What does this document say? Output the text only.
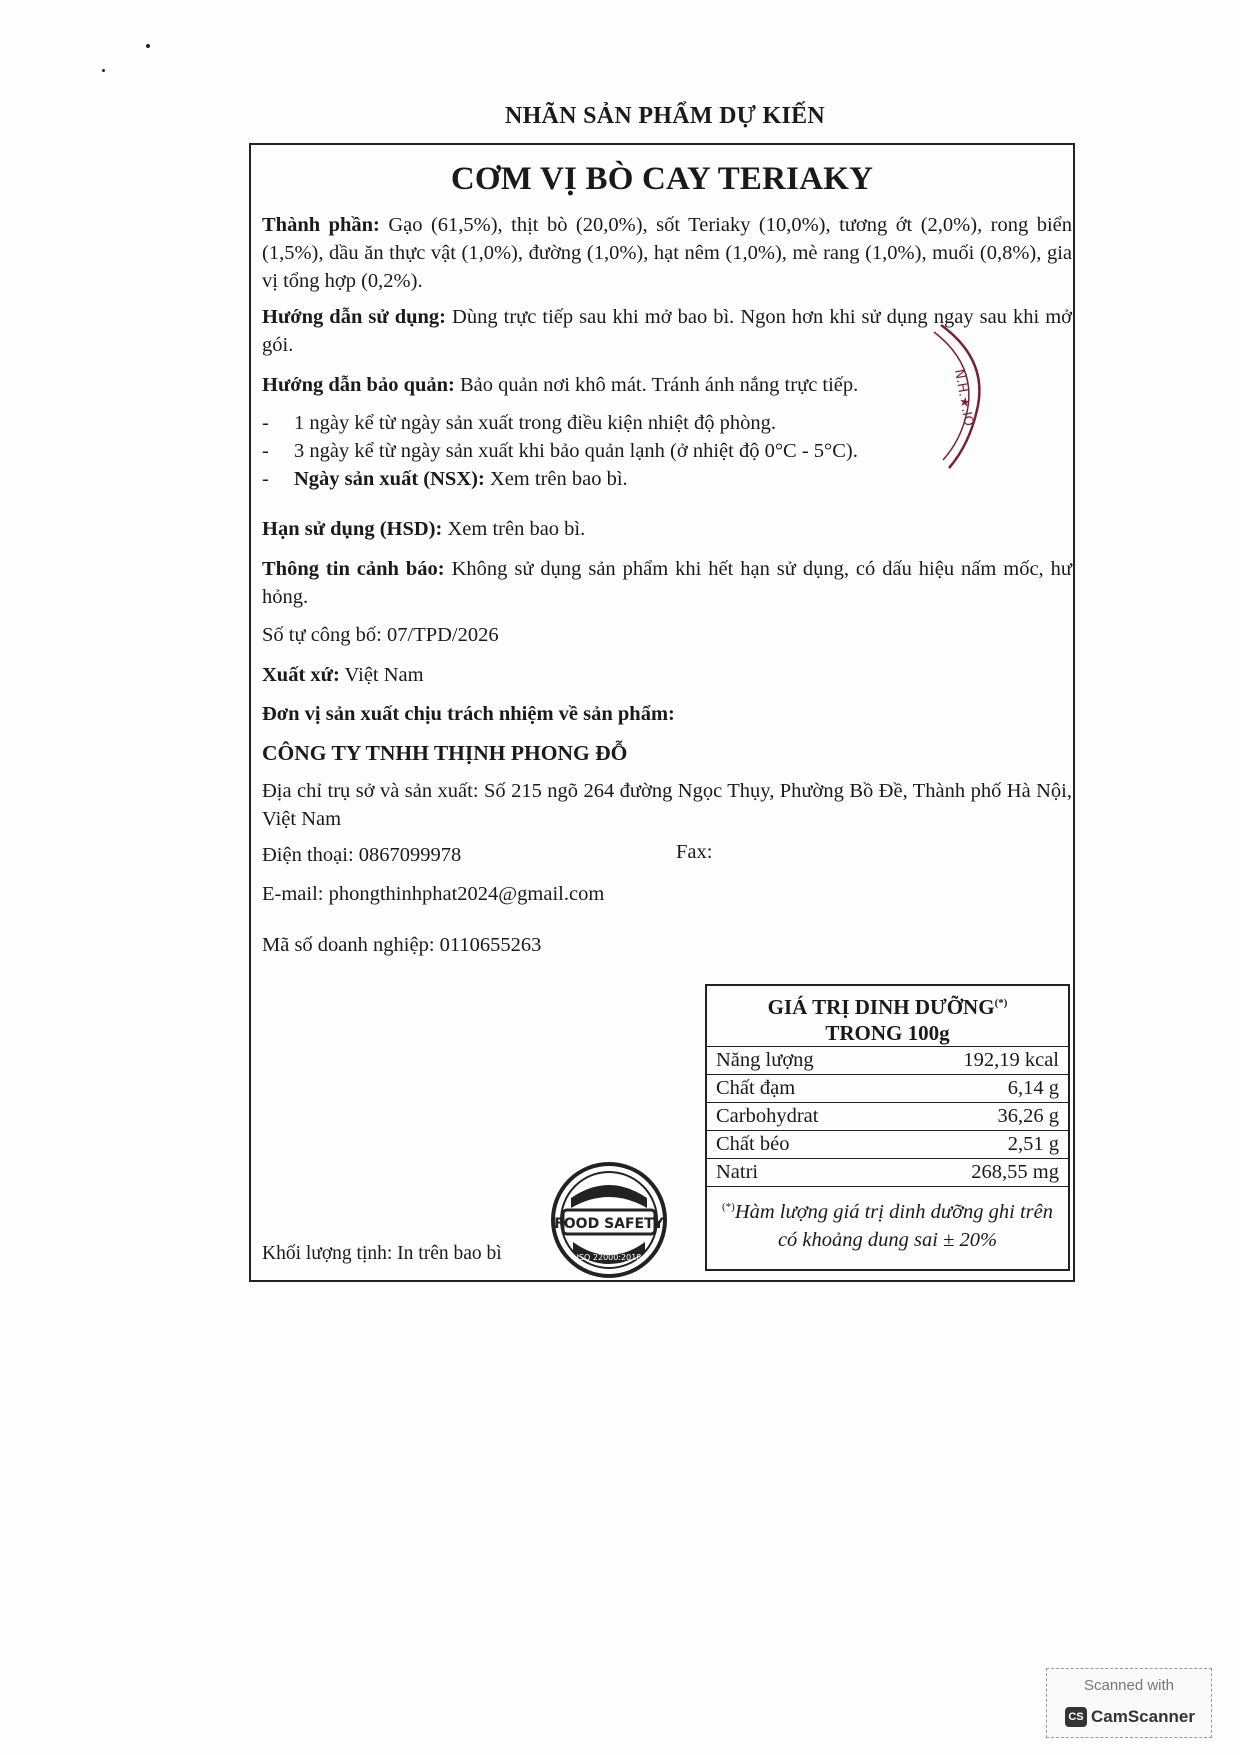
NHÃN SẢN PHẨM DỰ KIẾN
CƠM VỊ BÒ CAY TERIAKY
Thành phần: Gạo (61,5%), thịt bò (20,0%), sốt Teriaky (10,0%), tương ớt (2,0%), rong biển (1,5%), dầu ăn thực vật (1,0%), đường (1,0%), hạt nêm (1,0%), mè rang (1,0%), muối (0,8%), gia vị tổng hợp (0,2%).
Hướng dẫn sử dụng: Dùng trực tiếp sau khi mở bao bì. Ngon hơn khi sử dụng ngay sau khi mở gói.
Hướng dẫn bảo quản: Bảo quản nơi khô mát. Tránh ánh nắng trực tiếp.
- 1 ngày kể từ ngày sản xuất trong điều kiện nhiệt độ phòng.
- 3 ngày kể từ ngày sản xuất khi bảo quản lạnh (ở nhiệt độ 0°C - 5°C).
- Ngày sản xuất (NSX): Xem trên bao bì.
Hạn sử dụng (HSD): Xem trên bao bì.
Thông tin cảnh báo: Không sử dụng sản phẩm khi hết hạn sử dụng, có dấu hiệu nấm mốc, hư hỏng.
Số tự công bố: 07/TPD/2026
Xuất xứ: Việt Nam
Đơn vị sản xuất chịu trách nhiệm về sản phẩm:
CÔNG TY TNHH THỊNH PHONG ĐỖ
Địa chỉ trụ sở và sản xuất: Số 215 ngõ 264 đường Ngọc Thụy, Phường Bồ Đề, Thành phố Hà Nội, Việt Nam
Điện thoại: 0867099978	Fax:
E-mail: phongthinhphat2024@gmail.com
Mã số doanh nghiệp: 0110655263
N.H.★.IO
FOOD SAFETY
ISO 22000:2018
GIÁ TRỊ DINH DƯỠNG(*)
TRONG 100g
Năng lượng	192,19 kcal
Chất đạm	6,14 g
Carbohydrat	36,26 g
Chất béo	2,51 g
Natri	268,55 mg
(*)Hàm lượng giá trị dinh dưỡng ghi trên có khoảng dung sai ± 20%
Khối lượng tịnh: In trên bao bì
Scanned with
CS CamScanner
